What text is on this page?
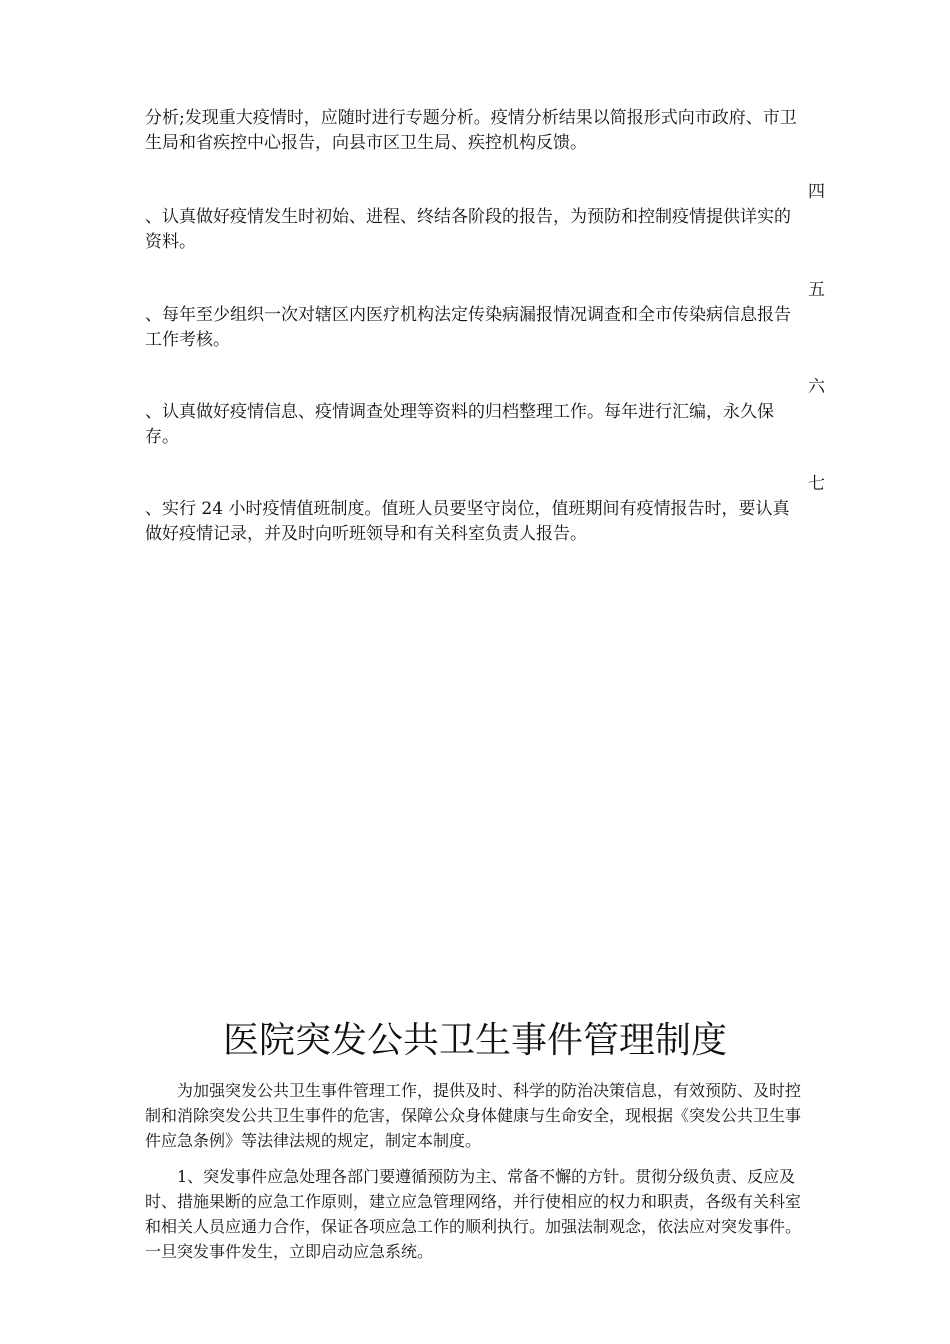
分析;发现重大疫情时，应随时进行专题分析。疫情分析结果以简报形式向市政府、市卫生局和省疾控中心报告，向县市区卫生局、疾控机构反馈。

四

、认真做好疫情发生时初始、进程、终结各阶段的报告，为预防和控制疫情提供详实的资料。

五

、每年至少组织一次对辖区内医疗机构法定传染病漏报情况调查和全市传染病信息报告工作考核。

六

、认真做好疫情信息、疫情调查处理等资料的归档整理工作。每年进行汇编，永久保存。

七

、实行 24 小时疫情值班制度。值班人员要坚守岗位，值班期间有疫情报告时，要认真做好疫情记录，并及时向听班领导和有关科室负责人报告。

医院突发公共卫生事件管理制度

为加强突发公共卫生事件管理工作，提供及时、科学的防治决策信息，有效预防、及时控制和消除突发公共卫生事件的危害，保障公众身体健康与生命安全，现根据《突发公共卫生事件应急条例》等法律法规的规定，制定本制度。

1、突发事件应急处理各部门要遵循预防为主、常备不懈的方针。贯彻分级负责、反应及时、措施果断的应急工作原则，建立应急管理网络，并行使相应的权力和职责，各级有关科室和相关人员应通力合作，保证各项应急工作的顺利执行。加强法制观念，依法应对突发事件。一旦突发事件发生，立即启动应急系统。
